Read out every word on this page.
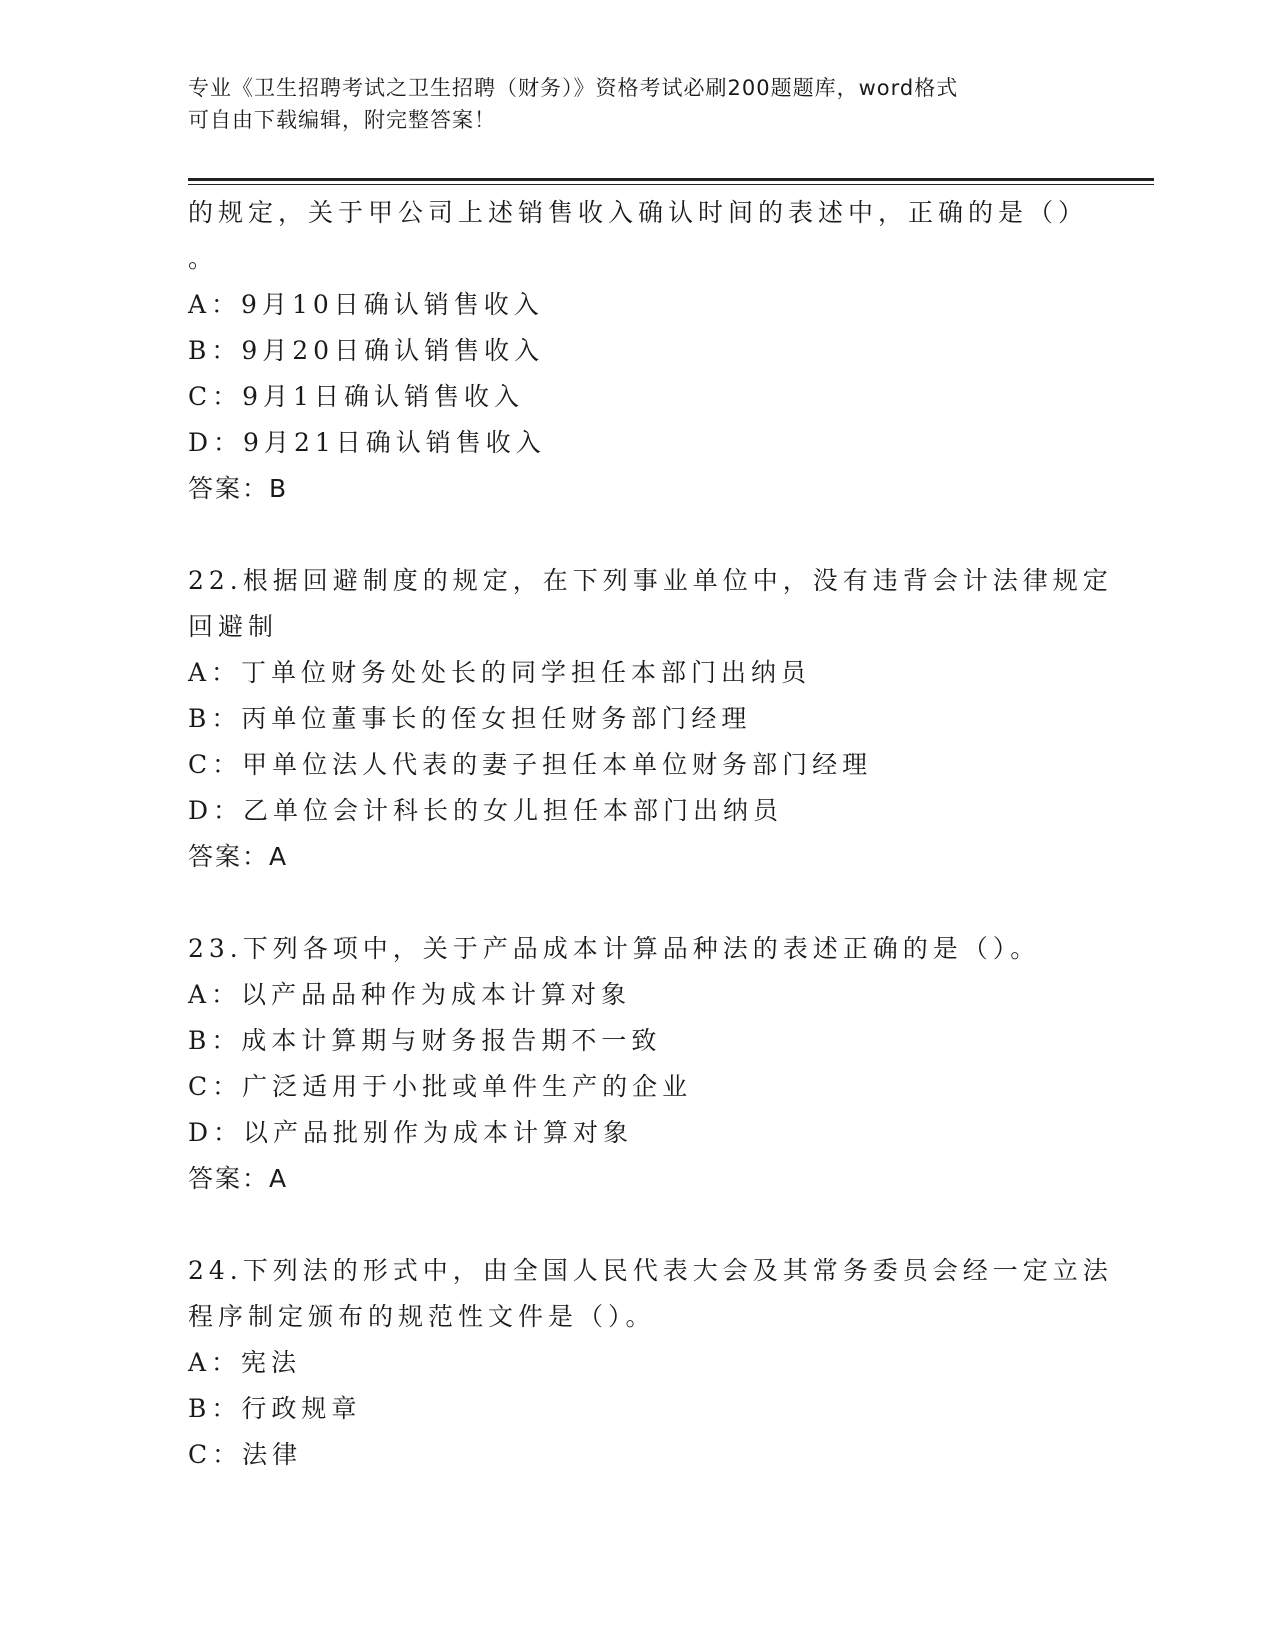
专业《卫生招聘考试之卫生招聘（财务）》资格考试必刷200题题库，word格式
可自由下载编辑，附完整答案！
的规定，关于甲公司上述销售收入确认时间的表述中，正确的是（）
。
A：9月10日确认销售收入
B：9月20日确认销售收入
C：9月1日确认销售收入
D：9月21日确认销售收入
答案：B
22.根据回避制度的规定，在下列事业单位中，没有违背会计法律规定
回避制
A：丁单位财务处处长的同学担任本部门出纳员
B：丙单位董事长的侄女担任财务部门经理
C：甲单位法人代表的妻子担任本单位财务部门经理
D：乙单位会计科长的女儿担任本部门出纳员
答案：A
23.下列各项中，关于产品成本计算品种法的表述正确的是（）。
A：以产品品种作为成本计算对象
B：成本计算期与财务报告期不一致
C：广泛适用于小批或单件生产的企业
D：以产品批别作为成本计算对象
答案：A
24.下列法的形式中，由全国人民代表大会及其常务委员会经一定立法
程序制定颁布的规范性文件是（）。
A：宪法
B：行政规章
C：法律
